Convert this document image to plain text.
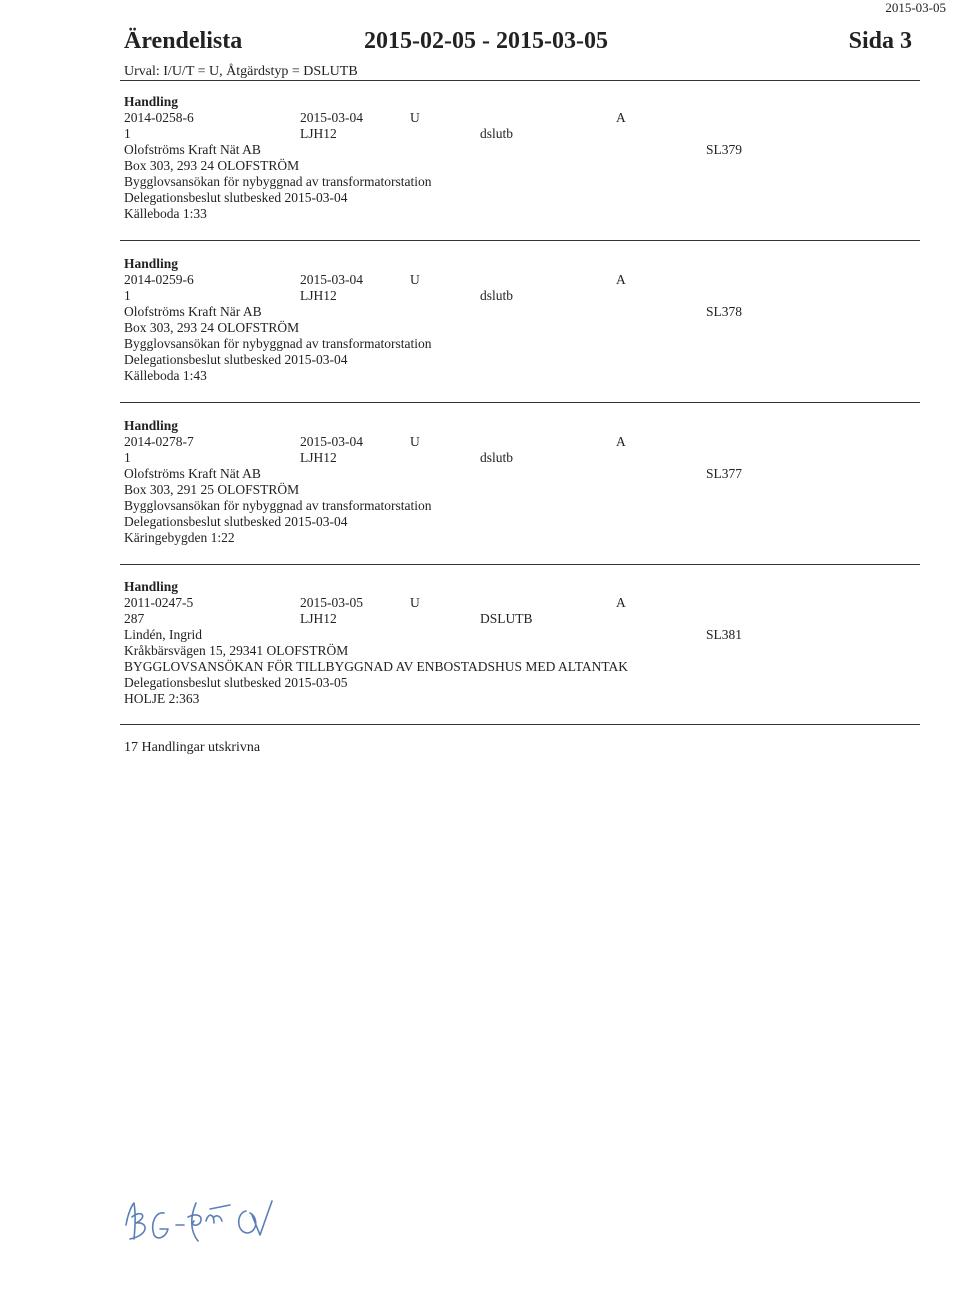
2015-03-05
Ärendelista	2015-02-05 - 2015-03-05	Sida 3
Urval: I/U/T = U, Åtgärdstyp = DSLUTB
Handling
2014-0258-6	2015-03-04	U	A
1	LJH12	dslutb
Olofströms Kraft Nät AB	SL379
Box 303, 293 24 OLOFSTRÖM
Bygglovsansökan för nybyggnad av transformatorstation
Delegationsbeslut slutbesked 2015-03-04
Källeboda 1:33
Handling
2014-0259-6	2015-03-04	U	A
1	LJH12	dslutb
Olofströms Kraft När AB	SL378
Box 303, 293 24 OLOFSTRÖM
Bygglovsansökan för nybyggnad av transformatorstation
Delegationsbeslut slutbesked 2015-03-04
Källeboda 1:43
Handling
2014-0278-7	2015-03-04	U	A
1	LJH12	dslutb
Olofströms Kraft Nät AB	SL377
Box 303, 291 25 OLOFSTRÖM
Bygglovsansökan för nybyggnad av transformatorstation
Delegationsbeslut slutbesked 2015-03-04
Käringebygden 1:22
Handling
2011-0247-5	2015-03-05	U	A
287	LJH12	DSLUTB
Lindén, Ingrid	SL381
Kråkbärsvägen 15, 29341 OLOFSTRÖM
BYGGLOVSANSÖKAN FÖR TILLBYGGNAD AV ENBOSTADSHUS MED ALTANTAK
Delegationsbeslut slutbesked 2015-03-05
HOLJE 2:363
17 Handlingar utskrivna
